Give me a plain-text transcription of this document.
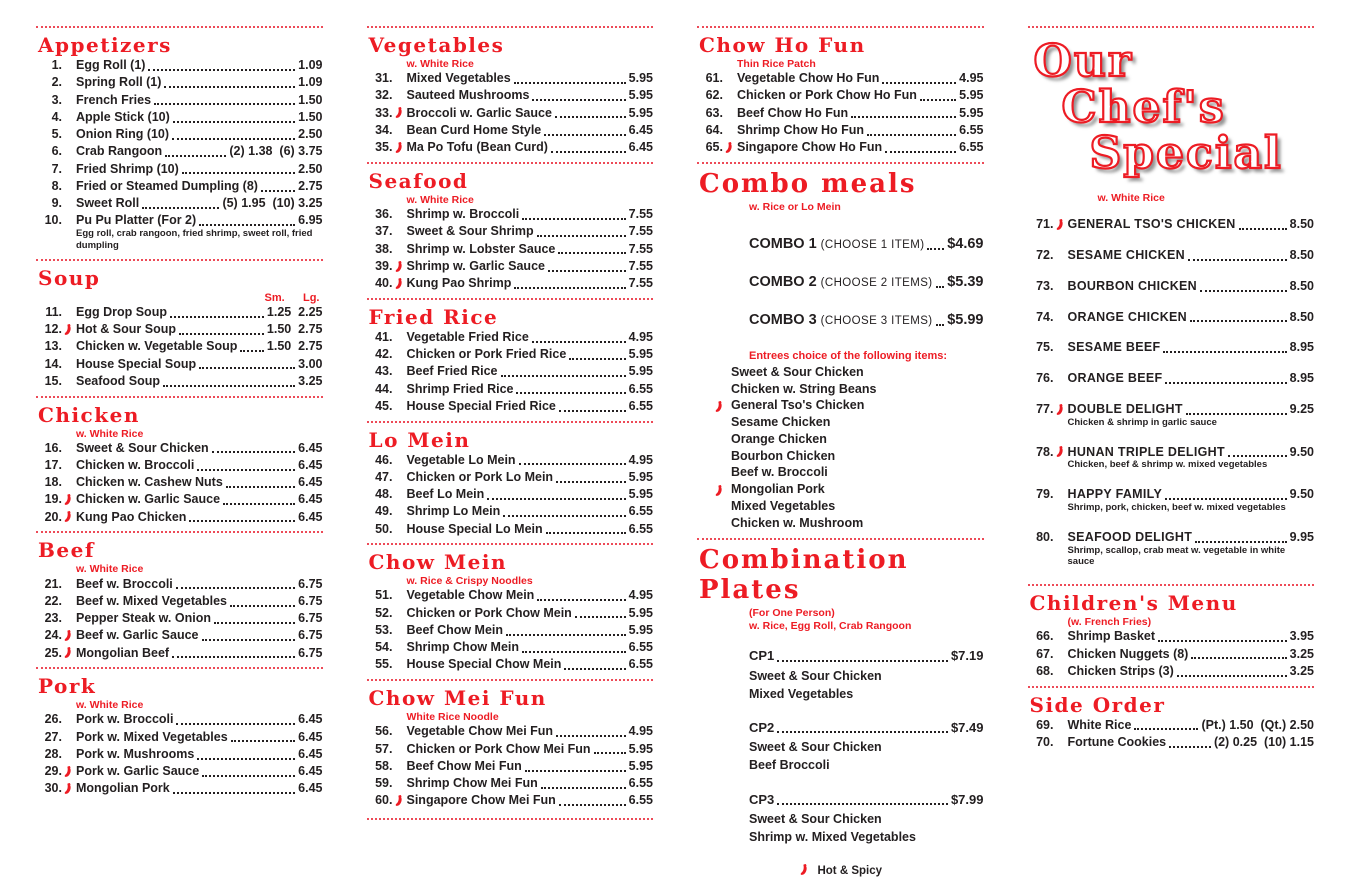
Appetizers
1. Egg Roll (1)	1.09
2. Spring Roll (1)	1.09
3. French Fries	1.50
4. Apple Stick (10)	1.50
5. Onion Ring (10)	2.50
6. Crab Rangoon	(2) 1.38  (6) 3.75
7. Fried Shrimp (10)	2.50
8. Fried or Steamed Dumpling (8)	2.75
9. Sweet Roll	(5) 1.95  (10) 3.25
10. Pu Pu Platter (For 2)	6.95
Egg roll, crab rangoon, fried shrimp, sweet roll, fried dumpling
Soup
Sm.      Lg.
11. Egg Drop Soup	1.25  2.25
12. Hot & Sour Soup	1.50  2.75
13. Chicken w. Vegetable Soup 1.50  2.75
14. House Special Soup	3.00
15. Seafood Soup	3.25
Chicken
w. White Rice
16. Sweet & Sour Chicken	6.45
17. Chicken w. Broccoli	6.45
18. Chicken w. Cashew Nuts	6.45
19. Chicken w. Garlic Sauce	6.45
20. Kung Pao Chicken	6.45
Beef
w. White Rice
21. Beef w. Broccoli	6.75
22. Beef w. Mixed Vegetables	6.75
23. Pepper Steak w. Onion	6.75
24. Beef w. Garlic Sauce	6.75
25. Mongolian Beef	6.75
Pork
w. White Rice
26. Pork w. Broccoli	6.45
27. Pork w. Mixed Vegetables	6.45
28. Pork w. Mushrooms	6.45
29. Pork w. Garlic Sauce	6.45
30. Mongolian Pork	6.45
Vegetables
w. White Rice
31. Mixed Vegetables	5.95
32. Sauteed Mushrooms	5.95
33. Broccoli w. Garlic Sauce	5.95
34. Bean Curd Home Style	6.45
35. Ma Po Tofu (Bean Curd)	6.45
Seafood
w. White Rice
36. Shrimp w. Broccoli	7.55
37. Sweet & Sour Shrimp	7.55
38. Shrimp w. Lobster Sauce	7.55
39. Shrimp w. Garlic Sauce	7.55
40. Kung Pao Shrimp	7.55
Fried Rice
41. Vegetable Fried Rice	4.95
42. Chicken or Pork Fried Rice	5.95
43. Beef Fried Rice	5.95
44. Shrimp Fried Rice	6.55
45. House Special Fried Rice	6.55
Lo Mein
46. Vegetable Lo Mein	4.95
47. Chicken or Pork Lo Mein	5.95
48. Beef Lo Mein	5.95
49. Shrimp Lo Mein	6.55
50. House Special Lo Mein	6.55
Chow Mein
w. Rice & Crispy Noodles
51. Vegetable Chow Mein	4.95
52. Chicken or Pork Chow Mein	5.95
53. Beef Chow Mein	5.95
54. Shrimp Chow Mein	6.55
55. House Special Chow Mein	6.55
Chow Mei Fun
White Rice Noodle
56. Vegetable Chow Mei Fun	4.95
57. Chicken or Pork Chow Mei Fun	5.95
58. Beef Chow Mei Fun	5.95
59. Shrimp Chow Mei Fun	6.55
60. Singapore Chow Mei Fun	6.55
Chow Ho Fun
Thin Rice Patch
61. Vegetable Chow Ho Fun	4.95
62. Chicken or Pork Chow Ho Fun	5.95
63. Beef Chow Ho Fun	5.95
64. Shrimp Chow Ho Fun	6.55
65. Singapore Chow Ho Fun	6.55
Combo meals
w. Rice or Lo Mein
COMBO 1 (CHOOSE 1 ITEM) $4.69
COMBO 2 (CHOOSE 2 ITEMS) $5.39
COMBO 3 (CHOOSE 3 ITEMS) $5.99
Entrees choice of the following items:
Sweet & Sour Chicken
Chicken w. String Beans
General Tso's Chicken
Sesame Chicken
Orange Chicken
Bourbon Chicken
Beef w. Broccoli
Mongolian Pork
Mixed Vegetables
Chicken w. Mushroom
Combination Plates
(For One Person)
w. Rice, Egg Roll, Crab Rangoon
CP1	$7.19
Sweet & Sour Chicken
Mixed Vegetables
CP2	$7.49
Sweet & Sour Chicken
Beef Broccoli
CP3	$7.99
Sweet & Sour Chicken
Shrimp w. Mixed Vegetables
Hot & Spicy
Our
Chef's
Special
w. White Rice
71. GENERAL TSO'S CHICKEN	8.50
72. SESAME CHICKEN	8.50
73. BOURBON CHICKEN	8.50
74. ORANGE CHICKEN	8.50
75. SESAME BEEF	8.95
76. ORANGE BEEF	8.95
77. DOUBLE DELIGHT	9.25
Chicken & shrimp in garlic sauce
78. HUNAN TRIPLE DELIGHT	9.50
Chicken, beef & shrimp w. mixed vegetables
79. HAPPY FAMILY	9.50
Shrimp, pork, chicken, beef w. mixed vegetables
80. SEAFOOD DELIGHT	9.95
Shrimp, scallop, crab meat w. vegetable in white sauce
Children's Menu
(w. French Fries)
66. Shrimp Basket	3.95
67. Chicken Nuggets (8)	3.25
68. Chicken Strips (3)	3.25
Side Order
69. White Rice	(Pt.) 1.50  (Qt.) 2.50
70. Fortune Cookies	(2) 0.25  (10) 1.15
